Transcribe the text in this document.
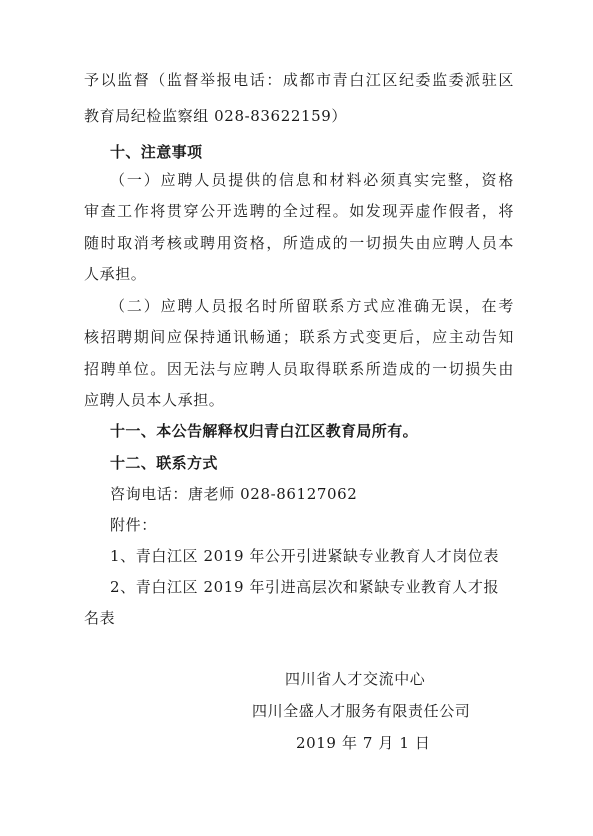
予以监督（监督举报电话：成都市青白江区纪委监委派驻区
教育局纪检监察组 028-83622159）
十、注意事项
（一）应聘人员提供的信息和材料必须真实完整，资格
审查工作将贯穿公开选聘的全过程。如发现弄虚作假者，将
随时取消考核或聘用资格，所造成的一切损失由应聘人员本
人承担。
（二）应聘人员报名时所留联系方式应准确无误，在考
核招聘期间应保持通讯畅通；联系方式变更后，应主动告知
招聘单位。因无法与应聘人员取得联系所造成的一切损失由
应聘人员本人承担。
十一、本公告解释权归青白江区教育局所有。
十二、联系方式
咨询电话：唐老师 028-86127062
附件：
1、青白江区 2019 年公开引进紧缺专业教育人才岗位表
2、青白江区 2019 年引进高层次和紧缺专业教育人才报
名表
四川省人才交流中心
四川全盛人才服务有限责任公司
2019 年 7 月 1 日
